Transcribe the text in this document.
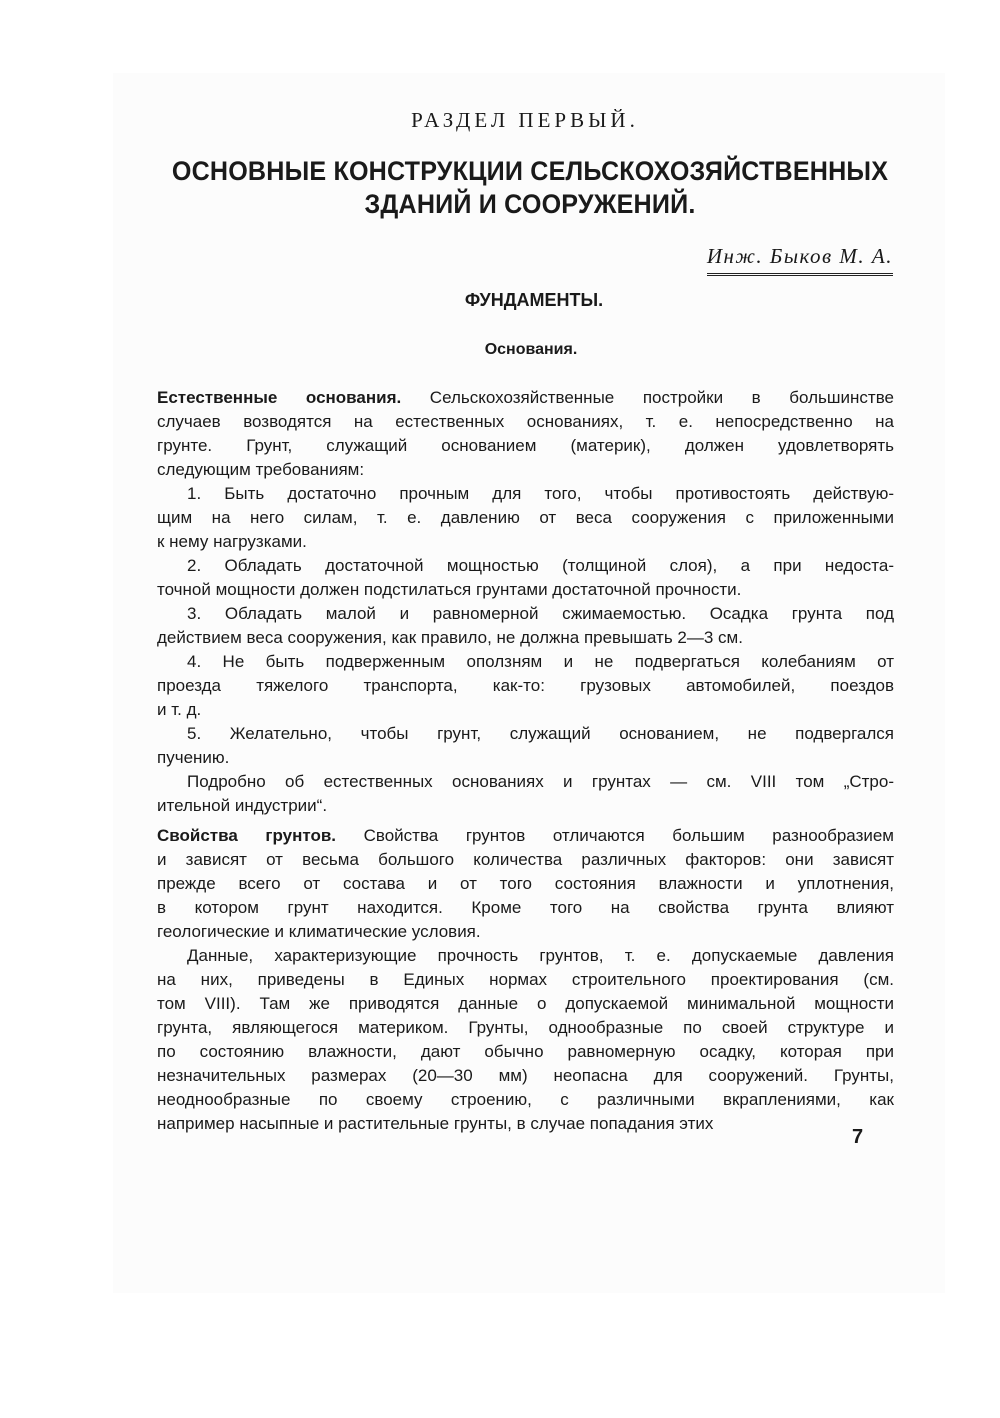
РАЗДЕЛ ПЕРВЫЙ.
ОСНОВНЫЕ КОНСТРУКЦИИ СЕЛЬСКОХОЗЯЙСТВЕННЫХ
ЗДАНИЙ И СООРУЖЕНИЙ.
Инж. Быков М. А.
ФУНДАМЕНТЫ.
Основания.
Естественные основания. Сельскохозяйственные постройки в большинстве
случаев возводятся на естественных основаниях, т. е. непосредственно на
грунте. Грунт, служащий основанием (материк), должен удовлетворять
следующим требованиям:
1. Быть достаточно прочным для того, чтобы противостоять действую-
щим на него силам, т. е. давлению от веса сооружения с приложенными
к нему нагрузками.
2. Обладать достаточной мощностью (толщиной слоя), а при недоста-
точной мощности должен подстилаться грунтами достаточной прочности.
3. Обладать малой и равномерной сжимаемостью. Осадка грунта под
действием веса сооружения, как правило, не должна превышать 2—3 см.
4. Не быть подверженным оползням и не подвергаться колебаниям от
проезда тяжелого транспорта, как-то: грузовых автомобилей, поездов
и т. д.
5. Желательно, чтобы грунт, служащий основанием, не подвергался
пучению.
Подробно об естественных основаниях и грунтах — см. VIII том „Стро-
ительной индустрии“.
Свойства грунтов. Свойства грунтов отличаются большим разнообразием
и зависят от весьма большого количества различных факторов: они зависят
прежде всего от состава и от того состояния влажности и уплотнения,
в котором грунт находится. Кроме того на свойства грунта влияют
геологические и климатические условия.
Данные, характеризующие прочность грунтов, т. е. допускаемые давления
на них, приведены в Единых нормах строительного проектирования (см.
том VIII). Там же приводятся данные о допускаемой минимальной мощности
грунта, являющегося материком. Грунты, однообразные по своей структуре и
по состоянию влажности, дают обычно равномерную осадку, которая при
незначительных размерах (20—30 мм) неопасна для сооружений. Грунты,
неоднообразные по своему строению, с различными вкраплениями, как
например насыпные и растительные грунты, в случае попадания этих
7
